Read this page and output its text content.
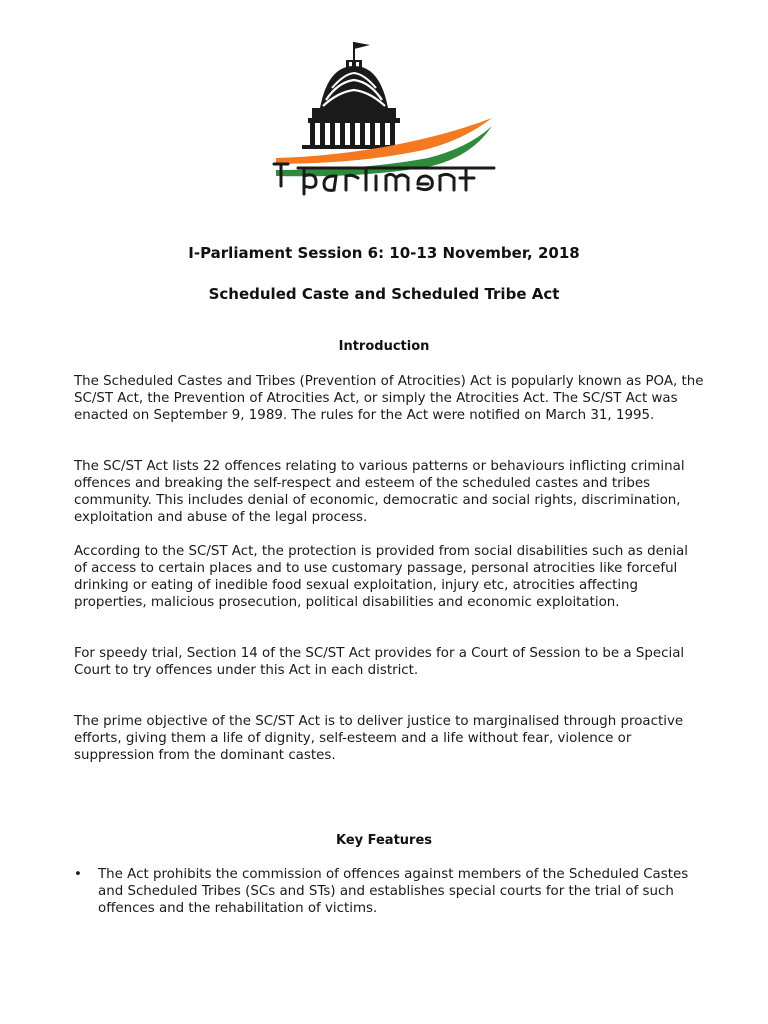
I-Parliament Session 6: 10-13 November, 2018
Scheduled Caste and Scheduled Tribe Act
Introduction

The Scheduled Castes and Tribes (Prevention of Atrocities) Act is popularly known as POA, the SC/ST Act, the Prevention of Atrocities Act, or simply the Atrocities Act. The SC/ST Act was enacted on September 9, 1989. The rules for the Act were notified on March 31, 1995.

The SC/ST Act lists 22 offences relating to various patterns or behaviours inflicting criminal offences and breaking the self-respect and esteem of the scheduled castes and tribes community. This includes denial of economic, democratic and social rights, discrimination, exploitation and abuse of the legal process.

According to the SC/ST Act, the protection is provided from social disabilities such as denial of access to certain places and to use customary passage, personal atrocities like forceful drinking or eating of inedible food sexual exploitation, injury etc, atrocities affecting properties, malicious prosecution, political disabilities and economic exploitation.

For speedy trial, Section 14 of the SC/ST Act provides for a Court of Session to be a Special Court to try offences under this Act in each district.

The prime objective of the SC/ST Act is to deliver justice to marginalised through proactive efforts, giving them a life of dignity, self-esteem and a life without fear, violence or suppression from the dominant castes.

Key Features
•	The Act prohibits the commission of offences against members of the Scheduled Castes and Scheduled Tribes (SCs and STs) and establishes special courts for the trial of such offences and the rehabilitation of victims.
